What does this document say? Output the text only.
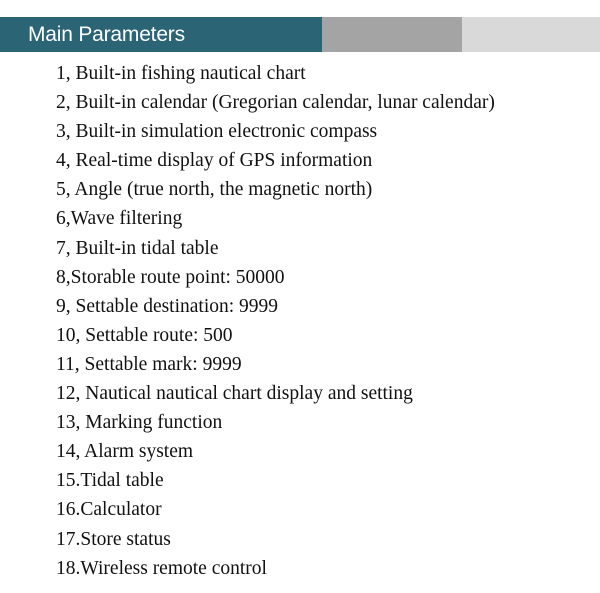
Main Parameters
1, Built-in fishing nautical chart
2, Built-in calendar (Gregorian calendar, lunar calendar)
3, Built-in simulation electronic compass
4, Real-time display of GPS information
5, Angle (true north, the magnetic north)
6,Wave filtering
7, Built-in tidal table
8,Storable route point: 50000
9, Settable destination: 9999
10, Settable route: 500
11, Settable mark: 9999
12, Nautical nautical chart display and setting
13, Marking function
14, Alarm system
15.Tidal table
16.Calculator
17.Store status
18.Wireless remote control
